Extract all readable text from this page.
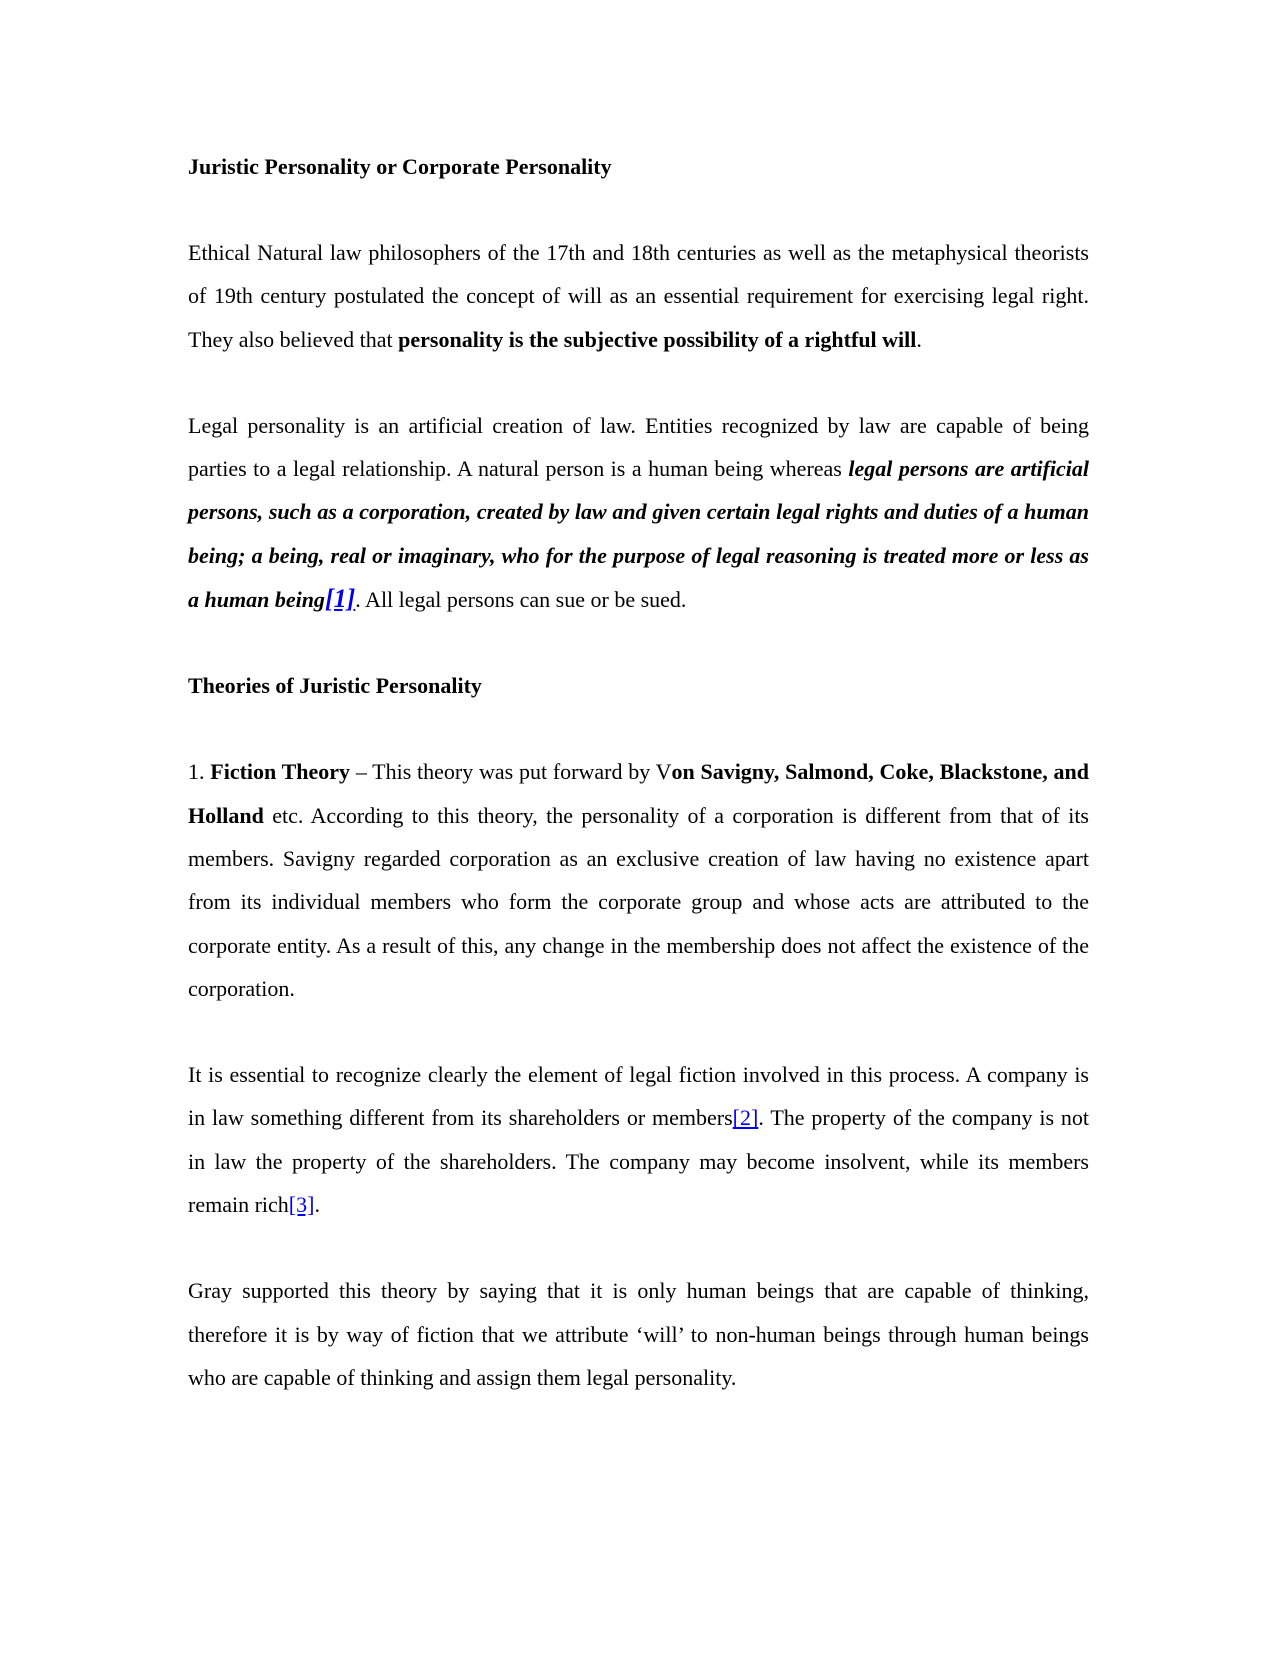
Juristic Personality or Corporate Personality

Ethical Natural law philosophers of the 17th and 18th centuries as well as the metaphysical theorists of 19th century postulated the concept of will as an essential requirement for exercising legal right. They also believed that personality is the subjective possibility of a rightful will.

Legal personality is an artificial creation of law. Entities recognized by law are capable of being parties to a legal relationship. A natural person is a human being whereas legal persons are artificial persons, such as a corporation, created by law and given certain legal rights and duties of a human being; a being, real or imaginary, who for the purpose of legal reasoning is treated more or less as a human being[1]. All legal persons can sue or be sued.

Theories of Juristic Personality

1. Fiction Theory – This theory was put forward by Von Savigny, Salmond, Coke, Blackstone, and Holland etc. According to this theory, the personality of a corporation is different from that of its members. Savigny regarded corporation as an exclusive creation of law having no existence apart from its individual members who form the corporate group and whose acts are attributed to the corporate entity. As a result of this, any change in the membership does not affect the existence of the corporation.

It is essential to recognize clearly the element of legal fiction involved in this process. A company is in law something different from its shareholders or members[2]. The property of the company is not in law the property of the shareholders. The company may become insolvent, while its members remain rich[3].

Gray supported this theory by saying that it is only human beings that are capable of thinking, therefore it is by way of fiction that we attribute ‘will’ to non-human beings through human beings who are capable of thinking and assign them legal personality.
